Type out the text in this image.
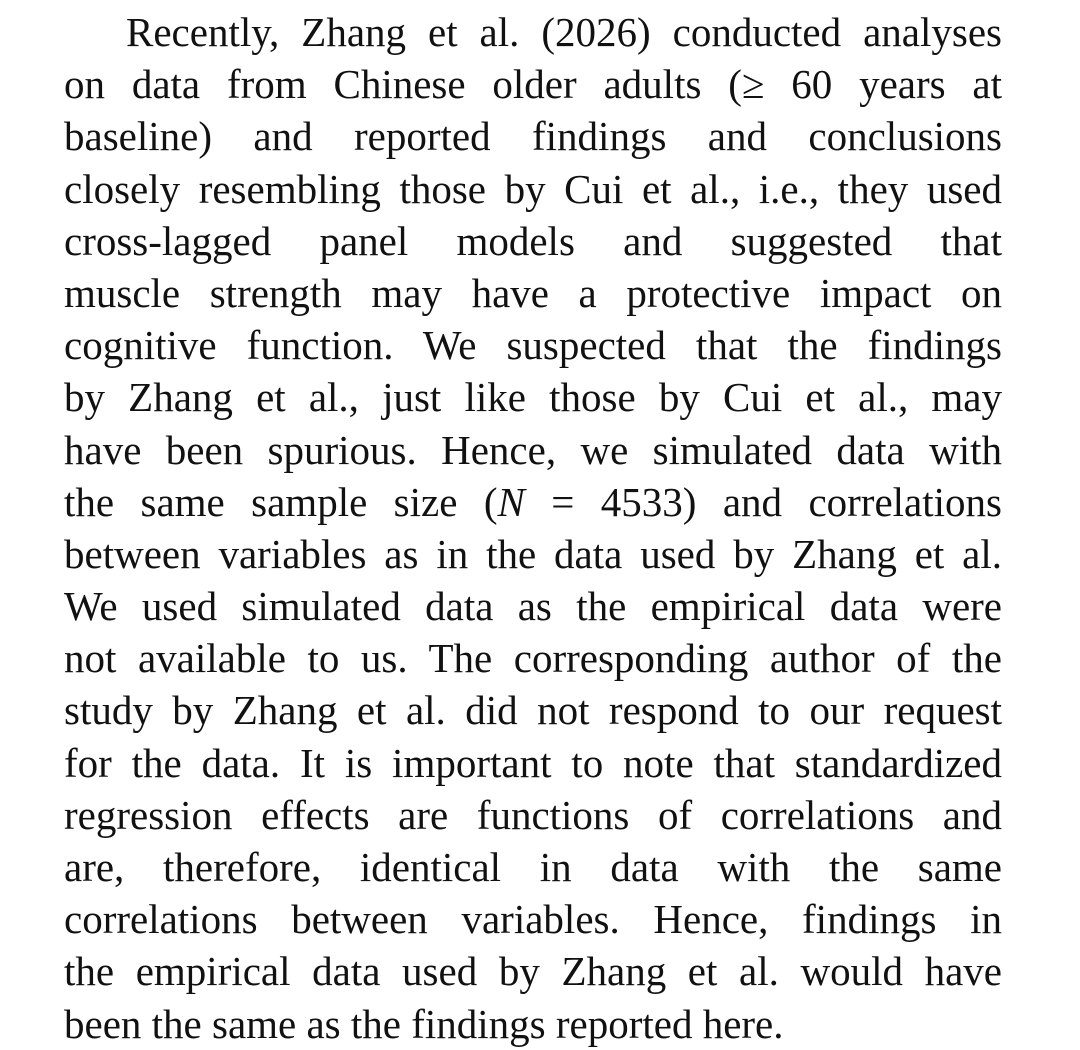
Recently, Zhang et al. (2026) conducted analyses
on data from Chinese older adults (≥ 60 years at
baseline) and reported findings and conclusions
closely resembling those by Cui et al., i.e., they used
cross-lagged panel models and suggested that
muscle strength may have a protective impact on
cognitive function. We suspected that the findings
by Zhang et al., just like those by Cui et al., may
have been spurious. Hence, we simulated data with
the same sample size (N = 4533) and correlations
between variables as in the data used by Zhang et al.
We used simulated data as the empirical data were
not available to us. The corresponding author of the
study by Zhang et al. did not respond to our request
for the data. It is important to note that standardized
regression effects are functions of correlations and
are, therefore, identical in data with the same
correlations between variables. Hence, findings in
the empirical data used by Zhang et al. would have
been the same as the findings reported here.
